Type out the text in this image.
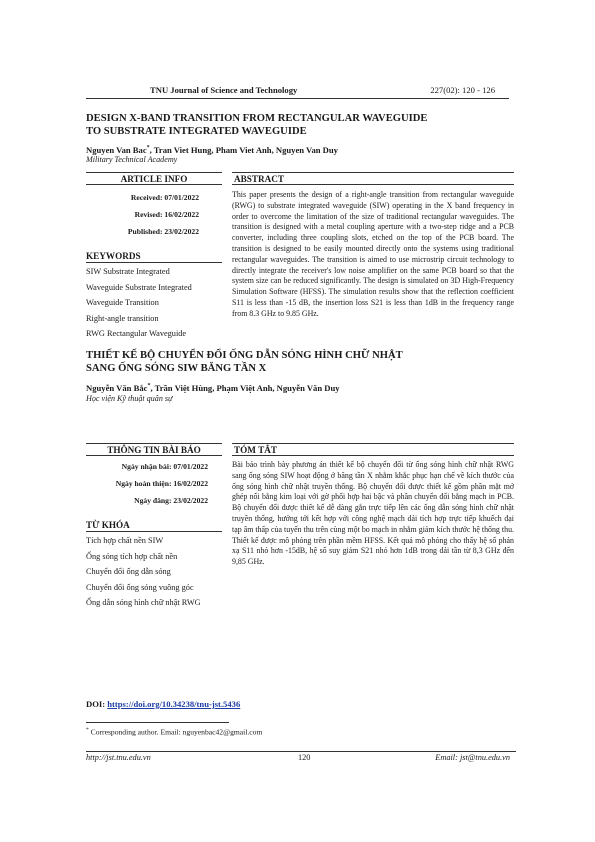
TNU Journal of Science and Technology	227(02): 120 - 126
DESIGN X-BAND TRANSITION FROM RECTANGULAR WAVEGUIDE
TO SUBSTRATE INTEGRATED WAVEGUIDE
Nguyen Van Bac*, Tran Viet Hung, Pham Viet Anh, Nguyen Van Duy
Military Technical Academy
ARTICLE INFO	ABSTRACT
Received: 07/01/2022
Revised: 16/02/2022
Published: 23/02/2022
KEYWORDS
SIW Substrate Integrated
Waveguide Substrate Integrated
Waveguide Transition
Right-angle transition
RWG Rectangular Waveguide
This paper presents the design of a right-angle transition from rectangular waveguide (RWG) to substrate integrated waveguide (SIW) operating in the X band frequency in order to overcome the limitation of the size of traditional rectangular waveguides. The transition is designed with a metal coupling aperture with a two-step ridge and a PCB converter, including three coupling slots, etched on the top of the PCB board. The transition is designed to be easily mounted directly onto the systems using traditional rectangular waveguides. The transition is aimed to use microstrip circuit technology to directly integrate the receiver's low noise amplifier on the same PCB board so that the system size can be reduced significantly. The design is simulated on 3D High-Frequency Simulation Software (HFSS). The simulation results show that the reflection coefficient S11 is less than -15 dB, the insertion loss S21 is less than 1dB in the frequency range from 8.3 GHz to 9.85 GHz.
THIẾT KẾ BỘ CHUYỂN ĐỔI ỐNG DẪN SÓNG HÌNH CHỮ NHẬT
SANG ỐNG SÓNG SIW BĂNG TẦN X
Nguyễn Văn Bắc*, Trần Việt Hùng, Phạm Việt Anh, Nguyễn Văn Duy
Học viện Kỹ thuật quân sự
THÔNG TIN BÀI BÁO	TÓM TẮT
Ngày nhận bài: 07/01/2022
Ngày hoàn thiện: 16/02/2022
Ngày đăng: 23/02/2022
TỪ KHÓA
Tích hợp chất nền SIW
Ống sóng tích hợp chất nền
Chuyển đổi ống dẫn sóng
Chuyển đổi ống sóng vuông góc
Ống dẫn sóng hình chữ nhật RWG
Bài báo trình bày phương án thiết kế bộ chuyển đổi từ ống sóng hình chữ nhật RWG sang ống sóng SIW hoạt động ở băng tần X nhằm khắc phục hạn chế về kích thước của ống sóng hình chữ nhật truyền thống. Bộ chuyển đổi được thiết kế gồm phần mặt mở ghép nối bằng kim loại với gờ phối hợp hai bậc và phần chuyển đổi bằng mạch in PCB. Bộ chuyển đổi được thiết kế dễ dàng gắn trực tiếp lên các ống dẫn sóng hình chữ nhật truyền thống, hướng tới kết hợp với công nghệ mạch dải tích hợp trực tiếp khuếch đại tạp âm thấp của tuyến thu trên cùng một bo mạch in nhằm giảm kích thước hệ thống thu. Thiết kế được mô phỏng trên phần mềm HFSS. Kết quả mô phỏng cho thấy hệ số phản xạ S11 nhỏ hơn -15dB, hệ số suy giảm S21 nhỏ hơn 1dB trong dải tần từ 8,3 GHz đến 9,85 GHz.
DOI: https://doi.org/10.34238/tnu-jst.5436
* Corresponding author. Email: nguyenbac42@gmail.com
http://jst.tnu.edu.vn	120	Email: jst@tnu.edu.vn
